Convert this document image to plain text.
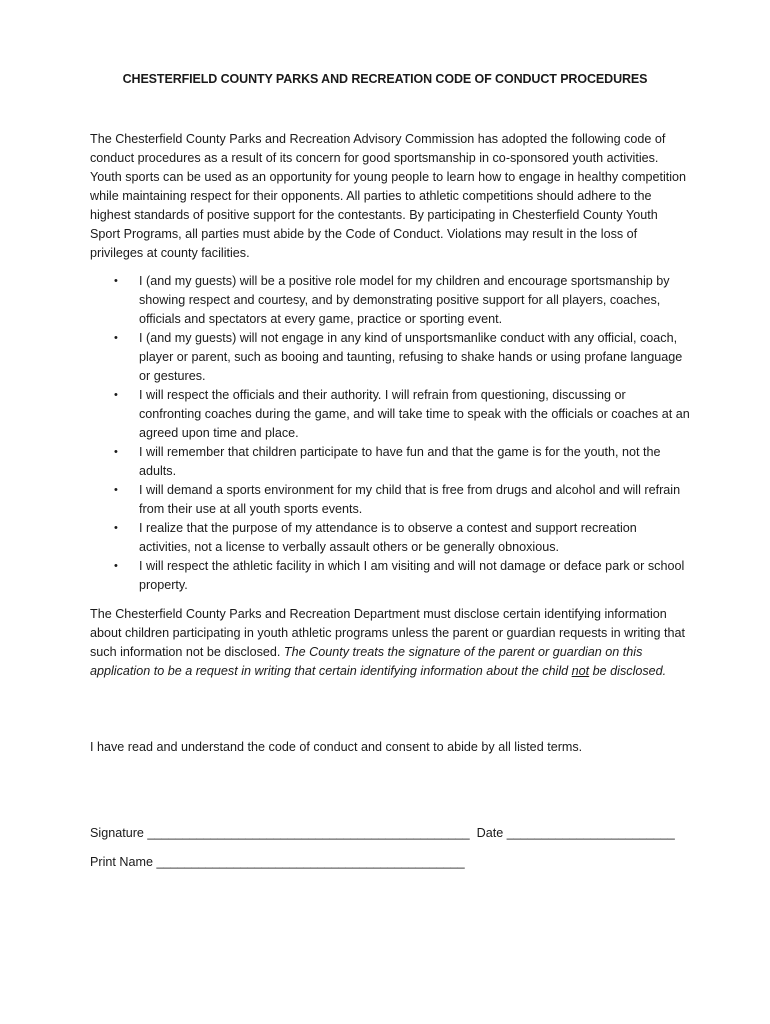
CHESTERFIELD COUNTY PARKS AND RECREATION CODE OF CONDUCT PROCEDURES
The Chesterfield County Parks and Recreation Advisory Commission has adopted the following code of conduct procedures as a result of its concern for good sportsmanship in co-sponsored youth activities. Youth sports can be used as an opportunity for young people to learn how to engage in healthy competition while maintaining respect for their opponents. All parties to athletic competitions should adhere to the highest standards of positive support for the contestants. By participating in Chesterfield County Youth Sport Programs, all parties must abide by the Code of Conduct. Violations may result in the loss of privileges at county facilities.
• I (and my guests) will be a positive role model for my children and encourage sportsmanship by showing respect and courtesy, and by demonstrating positive support for all players, coaches, officials and spectators at every game, practice or sporting event.
• I (and my guests) will not engage in any kind of unsportsmanlike conduct with any official, coach, player or parent, such as booing and taunting, refusing to shake hands or using profane language or gestures.
• I will respect the officials and their authority. I will refrain from questioning, discussing or confronting coaches during the game, and will take time to speak with the officials or coaches at an agreed upon time and place.
• I will remember that children participate to have fun and that the game is for the youth, not the adults.
• I will demand a sports environment for my child that is free from drugs and alcohol and will refrain from their use at all youth sports events.
• I realize that the purpose of my attendance is to observe a contest and support recreation activities, not a license to verbally assault others or be generally obnoxious.
• I will respect the athletic facility in which I am visiting and will not damage or deface park or school property.
The Chesterfield County Parks and Recreation Department must disclose certain identifying information about children participating in youth athletic programs unless the parent or guardian requests in writing that such information not be disclosed. The County treats the signature of the parent or guardian on this application to be a request in writing that certain identifying information about the child not be disclosed.
I have read and understand the code of conduct and consent to abide by all listed terms.
Signature ______________________________________________ Date ________________________
Print Name ____________________________________________
